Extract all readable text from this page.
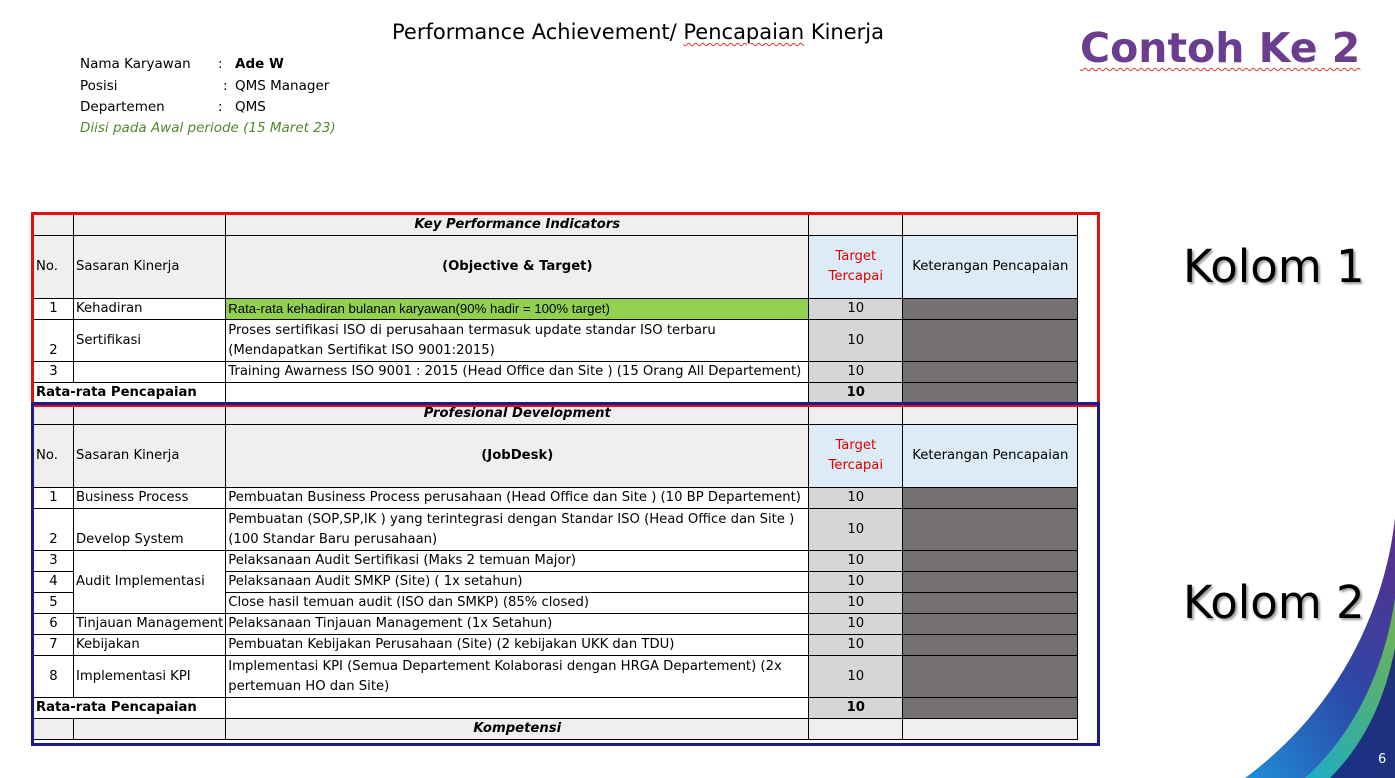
Performance Achievement/ Pencapaian Kinerja	Contoh Ke 2
Nama Karyawan : Ade W
Posisi	: QMS Manager
Departemen	: QMS
Diisi pada Awal periode (15 Maret 23)
Kolom 1
Kolom 2
6
		Key Performance Indicators		
No.	Sasaran Kinerja	(Objective & Target)	Target Tercapai	Keterangan Pencapaian
1	Kehadiran	Rata-rata kehadiran bulanan karyawan(90% hadir = 100% target)	10	
2	Sertifikasi	Proses sertifikasi ISO di perusahaan termasuk update standar ISO terbaru (Mendapatkan Sertifikat ISO 9001:2015)	10	
3		Training Awarness ISO 9001 : 2015 (Head Office dan Site ) (15 Orang All Departement)	10	
Rata-rata Pencapaian			10	
		Profesional Development		
No.	Sasaran Kinerja	(JobDesk)	Target Tercapai	Keterangan Pencapaian
1	Business Process	Pembuatan Business Process perusahaan (Head Office dan Site ) (10 BP Departement)	10	
2	Develop System	Pembuatan (SOP,SP,IK ) yang terintegrasi dengan Standar ISO (Head Office dan Site ) (100 Standar Baru perusahaan)	10	
3	Audit Implementasi	Pelaksanaan Audit Sertifikasi (Maks 2 temuan Major)	10	
4		Pelaksanaan Audit SMKP (Site) ( 1x setahun)	10	
5		Close hasil temuan audit (ISO dan SMKP) (85% closed)	10	
6	Tinjauan Management	Pelaksanaan Tinjauan Management (1x Setahun)	10	
7	Kebijakan	Pembuatan Kebijakan Perusahaan (Site) (2 kebijakan UKK dan TDU)	10	
8	Implementasi KPI	Implementasi KPI (Semua Departement Kolaborasi dengan HRGA Departement) (2x pertemuan HO dan Site)	10	
Rata-rata Pencapaian			10	
		Kompetensi		
